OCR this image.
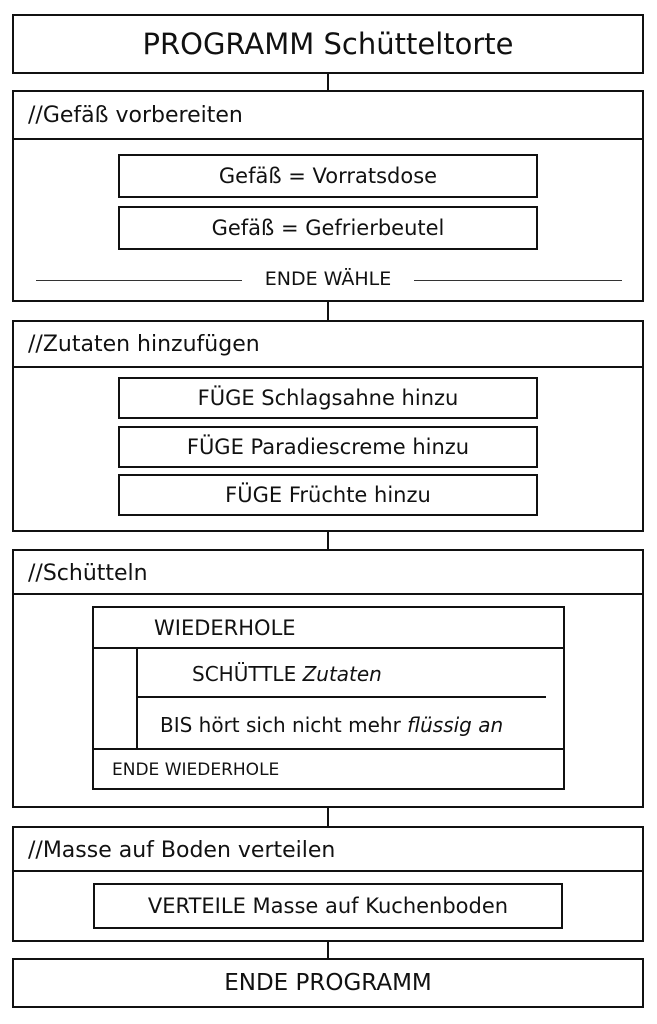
PROGRAMM Schütteltorte
//Gefäß vorbereiten
Gefäß = Vorratsdose
Gefäß = Gefrierbeutel
ENDE WÄHLE
//Zutaten hinzufügen
FÜGE Schlagsahne hinzu
FÜGE Paradiescreme hinzu
FÜGE Früchte hinzu
//Schütteln
WIEDERHOLE
SCHÜTTLE Zutaten
BIS hört sich nicht mehr flüssig an
ENDE WIEDERHOLE
//Masse auf Boden verteilen
VERTEILE Masse auf Kuchenboden
ENDE PROGRAMM
